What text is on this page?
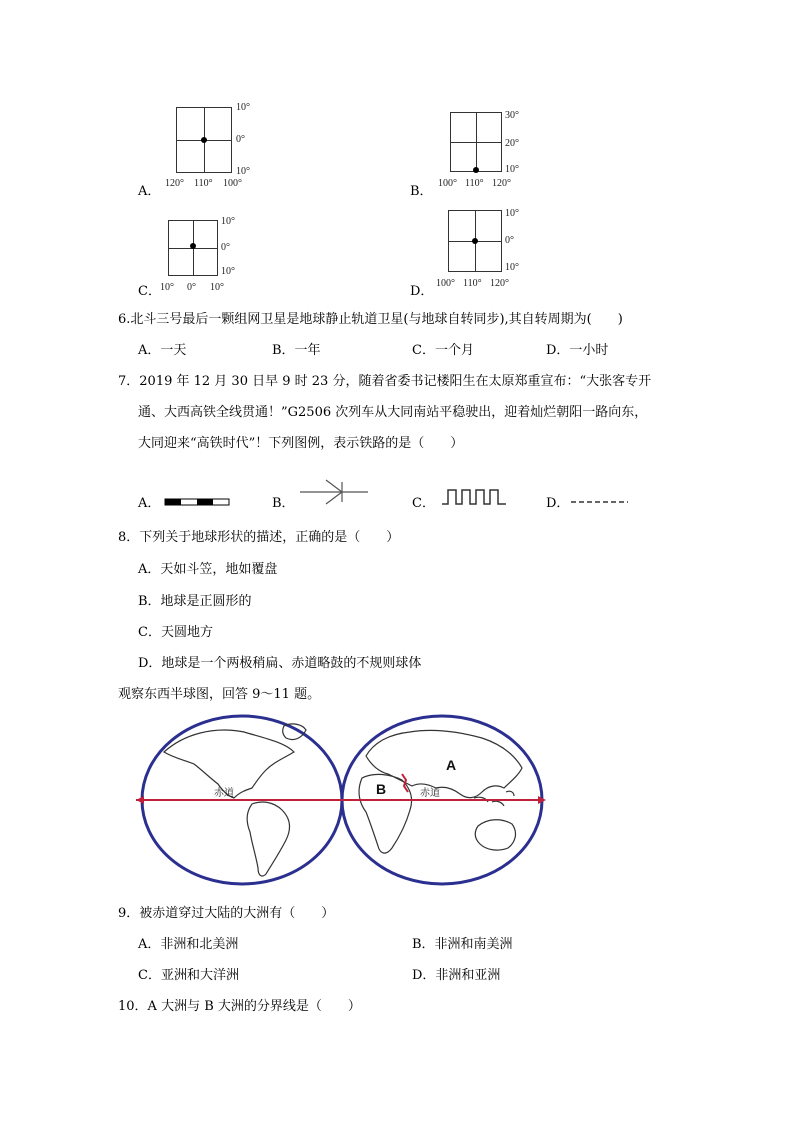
A．
10°
0°
10°
120° 110° 100°
B．
30°
20°
10°
100° 110° 120°
C．
10°
0°
10°
10° 0° 10°	D．
10°
0°
10°
100° 110° 120°
6.北斗三号最后一颗组网卫星是地球静止轨道卫星(与地球自转同步),其自转周期为(　　)
A．一天	B．一年	C．一个月	D．一小时
7．2019 年 12 月 30 日早 9 时 23 分，随着省委书记楼阳生在太原郑重宣布：“大张客专开
通、大西高铁全线贯通！”G2506 次列车从大同南站平稳驶出，迎着灿烂朝阳一路向东，
大同迎来“高铁时代”！下列图例，表示铁路的是（　　）
A．	B．	C．	D．
8．下列关于地球形状的描述，正确的是（　　）
A．天如斗笠，地如覆盘
B．地球是正圆形的
C．天圆地方
D．地球是一个两极稍扁、赤道略鼓的不规则球体
观察东西半球图，回答 9～11 题。
赤道	赤道
A
B
9．被赤道穿过大陆的大洲有（　　）
A．非洲和北美洲	B．非洲和南美洲
C．亚洲和大洋洲	D．非洲和亚洲
10．A 大洲与 B 大洲的分界线是（　　）
